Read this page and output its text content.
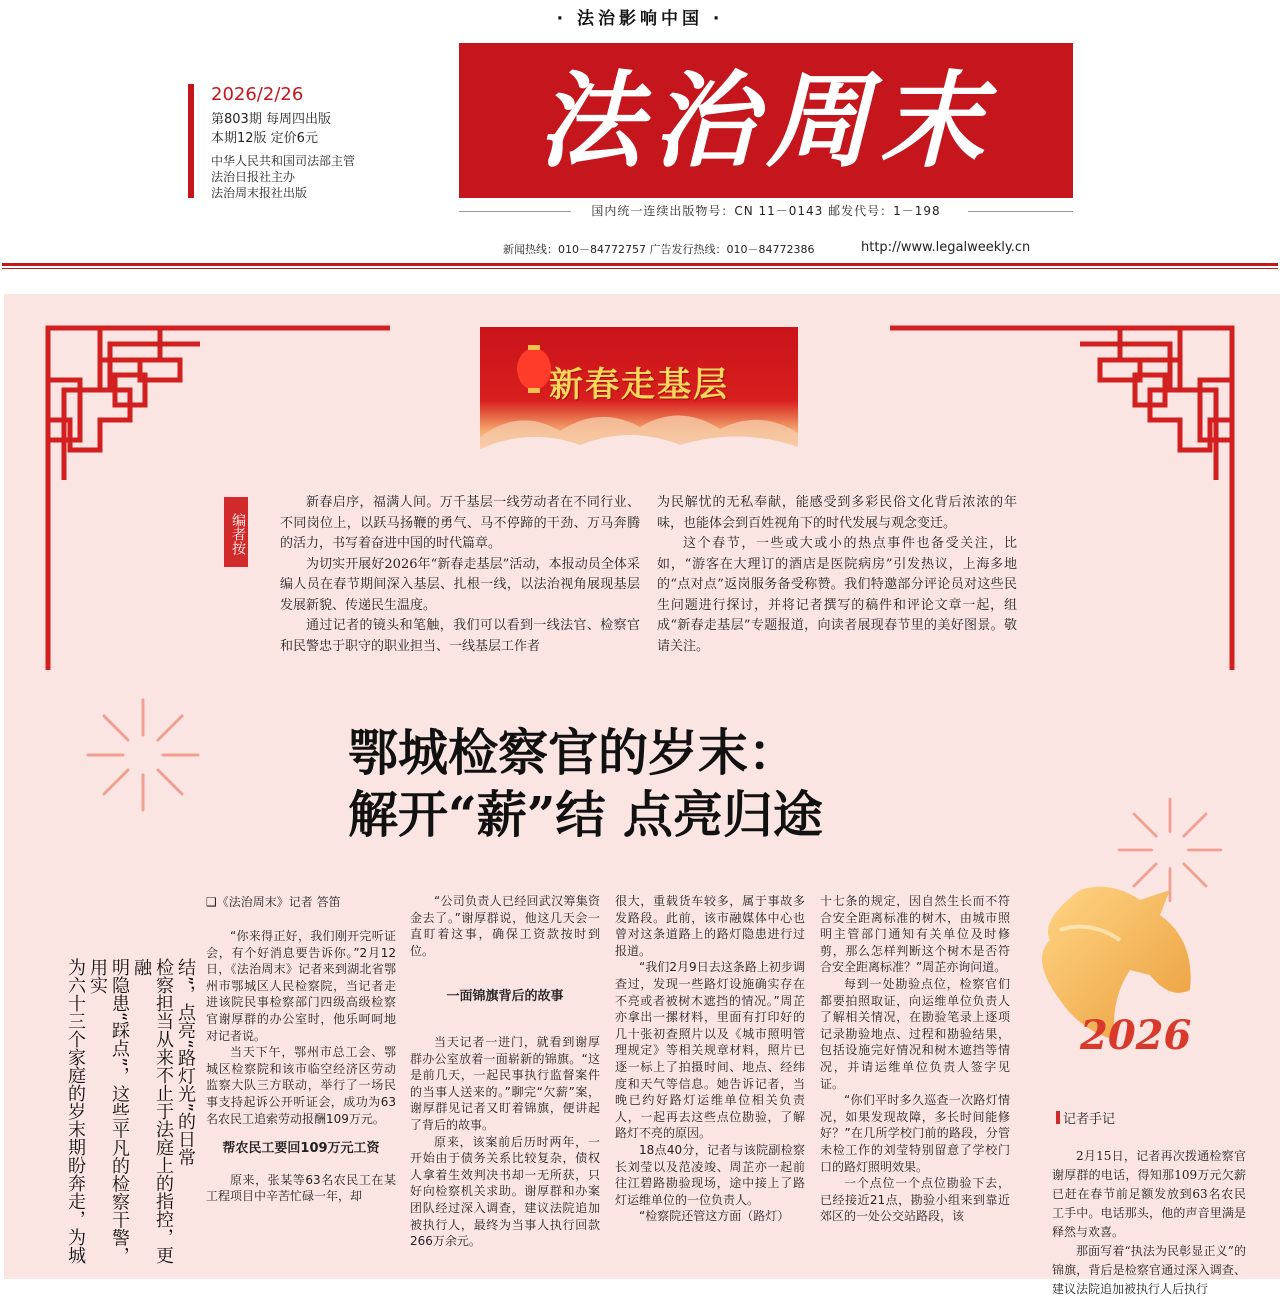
· 法治影响中国 ·
2026/2/26
第803期 每周四出版
本期12版 定价6元
中华人民共和国司法部主管
法治日报社主办
法治周末报社出版
法治周末
国内统一连续出版物号：CN 11－0143 邮发代号：1－198
新闻热线：010－84772757 广告发行热线：010－84772386	http://www.legalweekly.cn
新春走基层
编者按

新春启序，福满人间。万千基层一线劳动者在不同行业、不同岗位上，以跃马扬鞭的勇气、马不停蹄的干劲、万马奔腾的活力，书写着奋进中国的时代篇章。

为切实开展好2026年“新春走基层”活动，本报动员全体采编人员在春节期间深入基层、扎根一线，以法治视角展现基层发展新貌、传递民生温度。

通过记者的镜头和笔触，我们可以看到一线法官、检察官和民警忠于职守的职业担当、一线基层工作者

为民解忧的无私奉献，能感受到多彩民俗文化背后浓浓的年味，也能体会到百姓视角下的时代发展与观念变迁。

这个春节，一些或大或小的热点事件也备受关注，比如，“游客在大理订的酒店是医院病房”引发热议，上海多地的“点对点”返岗服务备受称赞。我们特邀部分评论员对这些民生问题进行探讨，并将记者撰写的稿件和评论文章一起，组成“新春走基层”专题报道，向读者展现春节里的美好图景。敬请关注。

鄂城检察官的岁末：
解开“薪”结 点亮归途
结”，点亮“路灯光”的日常
检察担当从来不止于法庭上的指控，更融
明隐患“踩点”，这些平凡的检察干警，用实
为六十三个家庭的岁末期盼奔走，为城
❑《法治周末》记者 答笛

“你来得正好，我们刚开完听证会，有个好消息要告诉你。”2月12日，《法治周末》记者来到湖北省鄂州市鄂城区人民检察院，当记者走进该院民事检察部门四级高级检察官谢厚群的办公室时，他乐呵呵地对记者说。

当天下午，鄂州市总工会、鄂城区检察院和该市临空经济区劳动监察大队三方联动，举行了一场民事支持起诉公开听证会，成功为63名农民工追索劳动报酬109万元。

帮农民工要回109万元工资

原来，张某等63名农民工在某工程项目中辛苦忙碌一年，却

“公司负责人已经回武汉筹集资金去了。”谢厚群说，他这几天会一直盯着这事，确保工资款按时到位。

一面锦旗背后的故事

当天记者一进门，就看到谢厚群办公室放着一面崭新的锦旗。“这是前几天，一起民事执行监督案件的当事人送来的。”聊完“欠薪”案，谢厚群见记者又盯着锦旗，便讲起了背后的故事。

原来，该案前后历时两年，一开始由于债务关系比较复杂，债权人拿着生效判决书却一无所获，只好向检察机关求助。谢厚群和办案团队经过深入调查，建议法院追加被执行人，最终为当事人执行回款266万余元。

很大，重载货车较多，属于事故多发路段。此前，该市融媒体中心也曾对这条道路上的路灯隐患进行过报道。

“我们2月9日去这条路上初步调查过，发现一些路灯设施确实存在不亮或者被树木遮挡的情况。”周芷亦拿出一摞材料，里面有打印好的几十张初查照片以及《城市照明管理规定》等相关规章材料，照片已逐一标上了拍摄时间、地点、经纬度和天气等信息。她告诉记者，当晚已约好路灯运维单位相关负责人，一起再去这些点位勘验，了解路灯不亮的原因。

18点40分，记者与该院副检察长刘莹以及范凌竣、周芷亦一起前往江碧路勘验现场，途中接上了路灯运维单位的一位负责人。

“检察院还管这方面（路灯）

十七条的规定，因自然生长而不符合安全距离标准的树木，由城市照明主管部门通知有关单位及时修剪，那么怎样判断这个树木是否符合安全距离标准？”周芷亦询问道。

每到一处勘验点位，检察官们都要拍照取证，向运维单位负责人了解相关情况，在勘验笔录上逐项记录勘验地点、过程和勘验结果，包括设施完好情况和树木遮挡等情况，并请运维单位负责人签字见证。

“你们平时多久巡查一次路灯情况，如果发现故障，多长时间能修好？”在几所学校门前的路段，分管未检工作的刘莹特别留意了学校门口的路灯照明效果。

一个点位一个点位勘验下去，已经接近21点，勘验小组来到靠近郊区的一处公交站路段，该

2026
记者手记

2月15日，记者再次拨通检察官谢厚群的电话，得知那109万元欠薪已赶在春节前足额发放到63名农民工手中。电话那头，他的声音里满是释然与欢喜。

那面写着“执法为民彰显正义”的锦旗，背后是检察官通过深入调查、建议法院追加被执行人后执行
